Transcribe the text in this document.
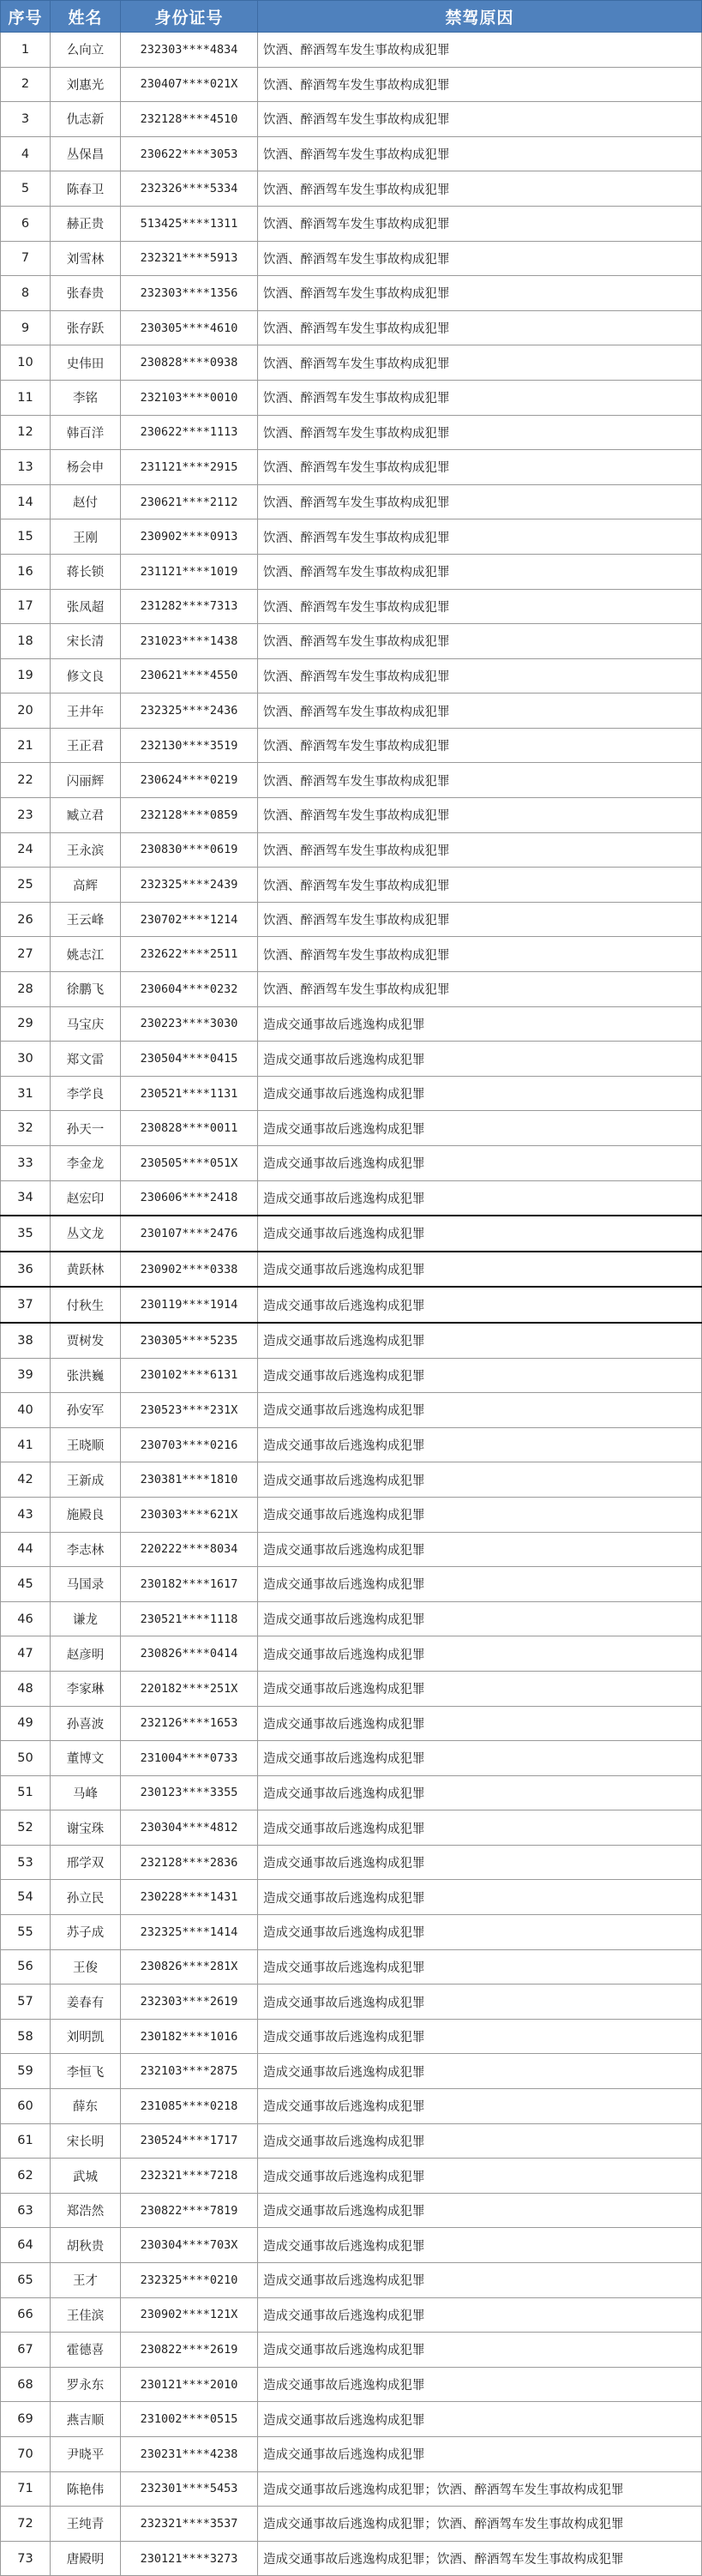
序号	姓名	身份证号	禁驾原因
1	么向立	232303****4834	饮酒、醉酒驾车发生事故构成犯罪
2	刘惠光	230407****021X	饮酒、醉酒驾车发生事故构成犯罪
3	仇志新	232128****4510	饮酒、醉酒驾车发生事故构成犯罪
4	丛保昌	230622****3053	饮酒、醉酒驾车发生事故构成犯罪
5	陈春卫	232326****5334	饮酒、醉酒驾车发生事故构成犯罪
6	赫正贵	513425****1311	饮酒、醉酒驾车发生事故构成犯罪
7	刘雪林	232321****5913	饮酒、醉酒驾车发生事故构成犯罪
8	张春贵	232303****1356	饮酒、醉酒驾车发生事故构成犯罪
9	张存跃	230305****4610	饮酒、醉酒驾车发生事故构成犯罪
10	史伟田	230828****0938	饮酒、醉酒驾车发生事故构成犯罪
11	李铭	232103****0010	饮酒、醉酒驾车发生事故构成犯罪
12	韩百洋	230622****1113	饮酒、醉酒驾车发生事故构成犯罪
13	杨会申	231121****2915	饮酒、醉酒驾车发生事故构成犯罪
14	赵付	230621****2112	饮酒、醉酒驾车发生事故构成犯罪
15	王刚	230902****0913	饮酒、醉酒驾车发生事故构成犯罪
16	蒋长锁	231121****1019	饮酒、醉酒驾车发生事故构成犯罪
17	张凤超	231282****7313	饮酒、醉酒驾车发生事故构成犯罪
18	宋长清	231023****1438	饮酒、醉酒驾车发生事故构成犯罪
19	修文良	230621****4550	饮酒、醉酒驾车发生事故构成犯罪
20	王井年	232325****2436	饮酒、醉酒驾车发生事故构成犯罪
21	王正君	232130****3519	饮酒、醉酒驾车发生事故构成犯罪
22	闪丽辉	230624****0219	饮酒、醉酒驾车发生事故构成犯罪
23	臧立君	232128****0859	饮酒、醉酒驾车发生事故构成犯罪
24	王永滨	230830****0619	饮酒、醉酒驾车发生事故构成犯罪
25	高辉	232325****2439	饮酒、醉酒驾车发生事故构成犯罪
26	王云峰	230702****1214	饮酒、醉酒驾车发生事故构成犯罪
27	姚志江	232622****2511	饮酒、醉酒驾车发生事故构成犯罪
28	徐鹏飞	230604****0232	饮酒、醉酒驾车发生事故构成犯罪
29	马宝庆	230223****3030	造成交通事故后逃逸构成犯罪
30	郑文雷	230504****0415	造成交通事故后逃逸构成犯罪
31	李学良	230521****1131	造成交通事故后逃逸构成犯罪
32	孙天一	230828****0011	造成交通事故后逃逸构成犯罪
33	李金龙	230505****051X	造成交通事故后逃逸构成犯罪
34	赵宏印	230606****2418	造成交通事故后逃逸构成犯罪
35	丛文龙	230107****2476	造成交通事故后逃逸构成犯罪
36	黄跃林	230902****0338	造成交通事故后逃逸构成犯罪
37	付秋生	230119****1914	造成交通事故后逃逸构成犯罪
38	贾树发	230305****5235	造成交通事故后逃逸构成犯罪
39	张洪巍	230102****6131	造成交通事故后逃逸构成犯罪
40	孙安军	230523****231X	造成交通事故后逃逸构成犯罪
41	王晓顺	230703****0216	造成交通事故后逃逸构成犯罪
42	王新成	230381****1810	造成交通事故后逃逸构成犯罪
43	施殿良	230303****621X	造成交通事故后逃逸构成犯罪
44	李志林	220222****8034	造成交通事故后逃逸构成犯罪
45	马国录	230182****1617	造成交通事故后逃逸构成犯罪
46	谦龙	230521****1118	造成交通事故后逃逸构成犯罪
47	赵彦明	230826****0414	造成交通事故后逃逸构成犯罪
48	李家琳	220182****251X	造成交通事故后逃逸构成犯罪
49	孙喜波	232126****1653	造成交通事故后逃逸构成犯罪
50	董博文	231004****0733	造成交通事故后逃逸构成犯罪
51	马峰	230123****3355	造成交通事故后逃逸构成犯罪
52	谢宝珠	230304****4812	造成交通事故后逃逸构成犯罪
53	邢学双	232128****2836	造成交通事故后逃逸构成犯罪
54	孙立民	230228****1431	造成交通事故后逃逸构成犯罪
55	苏子成	232325****1414	造成交通事故后逃逸构成犯罪
56	王俊	230826****281X	造成交通事故后逃逸构成犯罪
57	姜春有	232303****2619	造成交通事故后逃逸构成犯罪
58	刘明凯	230182****1016	造成交通事故后逃逸构成犯罪
59	李恒飞	232103****2875	造成交通事故后逃逸构成犯罪
60	薛东	231085****0218	造成交通事故后逃逸构成犯罪
61	宋长明	230524****1717	造成交通事故后逃逸构成犯罪
62	武城	232321****7218	造成交通事故后逃逸构成犯罪
63	郑浩然	230822****7819	造成交通事故后逃逸构成犯罪
64	胡秋贵	230304****703X	造成交通事故后逃逸构成犯罪
65	王才	232325****0210	造成交通事故后逃逸构成犯罪
66	王佳滨	230902****121X	造成交通事故后逃逸构成犯罪
67	霍德喜	230822****2619	造成交通事故后逃逸构成犯罪
68	罗永东	230121****2010	造成交通事故后逃逸构成犯罪
69	燕吉顺	231002****0515	造成交通事故后逃逸构成犯罪
70	尹晓平	230231****4238	造成交通事故后逃逸构成犯罪
71	陈艳伟	232301****5453	造成交通事故后逃逸构成犯罪；饮酒、醉酒驾车发生事故构成犯罪
72	王纯青	232321****3537	造成交通事故后逃逸构成犯罪；饮酒、醉酒驾车发生事故构成犯罪
73	唐殿明	230121****3273	造成交通事故后逃逸构成犯罪；饮酒、醉酒驾车发生事故构成犯罪
